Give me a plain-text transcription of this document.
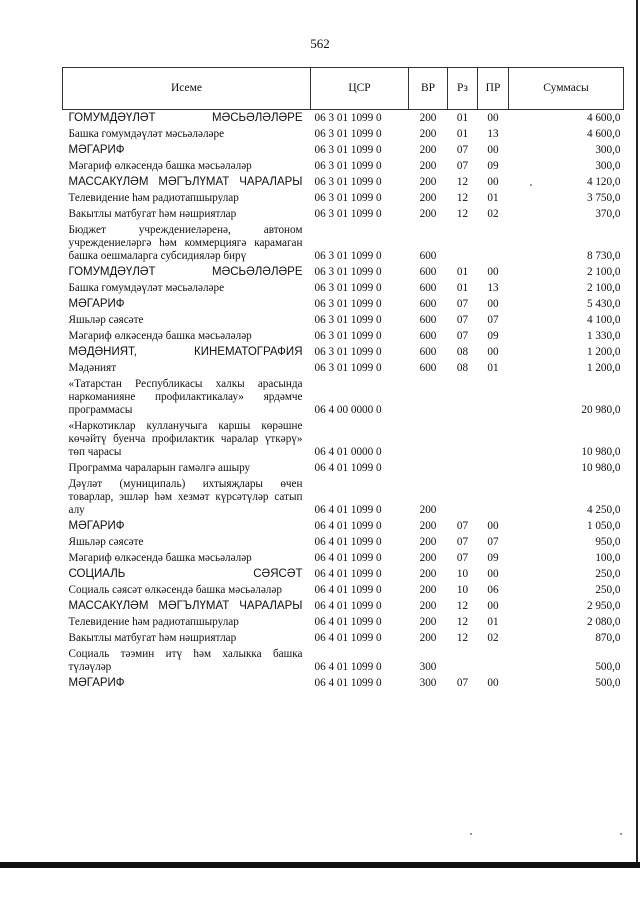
562
Исеме	ЦСР	ВР	Рз	ПР	Суммасы
ГОМУМДӘҮЛӘТ МӘСЬӘЛӘЛӘРЕ	06 3 01 1099 0	200	01	00	4 600,0
Башка гомумдәүләт мәсьәләләре	06 3 01 1099 0	200	01	13	4 600,0
МӘГАРИФ	06 3 01 1099 0	200	07	00	300,0
Мәгариф өлкәсендә башка мәсьәләләр	06 3 01 1099 0	200	07	09	300,0
МАССАКҮЛӘМ МӘГЪЛҮМАТ ЧАРАЛАРЫ	06 3 01 1099 0	200	12	00	4 120,0
Телевидение һәм радиотапшырулар	06 3 01 1099 0	200	12	01	3 750,0
Вакытлы матбугат һәм нәшриятлар	06 3 01 1099 0	200	12	02	370,0
Бюджет учреждениеләренә, автоном учреждениеләргә һәм коммерциягә карамаган башка оешмаларга субсидияләр бирү	06 3 01 1099 0	600			8 730,0
ГОМУМДӘҮЛӘТ МӘСЬӘЛӘЛӘРЕ	06 3 01 1099 0	600	01	00	2 100,0
Башка гомумдәүләт мәсьәләләре	06 3 01 1099 0	600	01	13	2 100,0
МӘГАРИФ	06 3 01 1099 0	600	07	00	5 430,0
Яшьләр сәясәте	06 3 01 1099 0	600	07	07	4 100,0
Мәгариф өлкәсендә башка мәсьәләләр	06 3 01 1099 0	600	07	09	1 330,0
МӘДӘНИЯТ, КИНЕМАТОГРАФИЯ	06 3 01 1099 0	600	08	00	1 200,0
Мәдәният	06 3 01 1099 0	600	08	01	1 200,0
«Татарстан Республикасы халкы арасында наркоманияне профилактикалау» ярдәмче программасы	06 4 00 0000 0				20 980,0
«Наркотиклар кулланучыга каршы көрәшне көчәйтү буенча профилактик чаралар үткәрү» төп чарасы	06 4 01 0000 0				10 980,0
Программа чараларын гамәлгә ашыру	06 4 01 1099 0				10 980,0
Дәүләт (муниципаль) ихтыяҗлары өчен товарлар, эшләр һәм хезмәт күрсәтүләр сатып алу	06 4 01 1099 0	200			4 250,0
МӘГАРИФ	06 4 01 1099 0	200	07	00	1 050,0
Яшьләр сәясәте	06 4 01 1099 0	200	07	07	950,0
Мәгариф өлкәсендә башка мәсьәләләр	06 4 01 1099 0	200	07	09	100,0
СОЦИАЛЬ СӘЯСӘТ	06 4 01 1099 0	200	10	00	250,0
Социаль сәясәт өлкәсендә башка мәсьәләләр	06 4 01 1099 0	200	10	06	250,0
МАССАКҮЛӘМ МӘГЪЛҮМАТ ЧАРАЛАРЫ	06 4 01 1099 0	200	12	00	2 950,0
Телевидение һәм радиотапшырулар	06 4 01 1099 0	200	12	01	2 080,0
Вакытлы матбугат һәм нәшриятлар	06 4 01 1099 0	200	12	02	870,0
Социаль тәэмин итү һәм халыкка башка түләүләр	06 4 01 1099 0	300			500,0
МӘГАРИФ	06 4 01 1099 0	300	07	00	500,0
